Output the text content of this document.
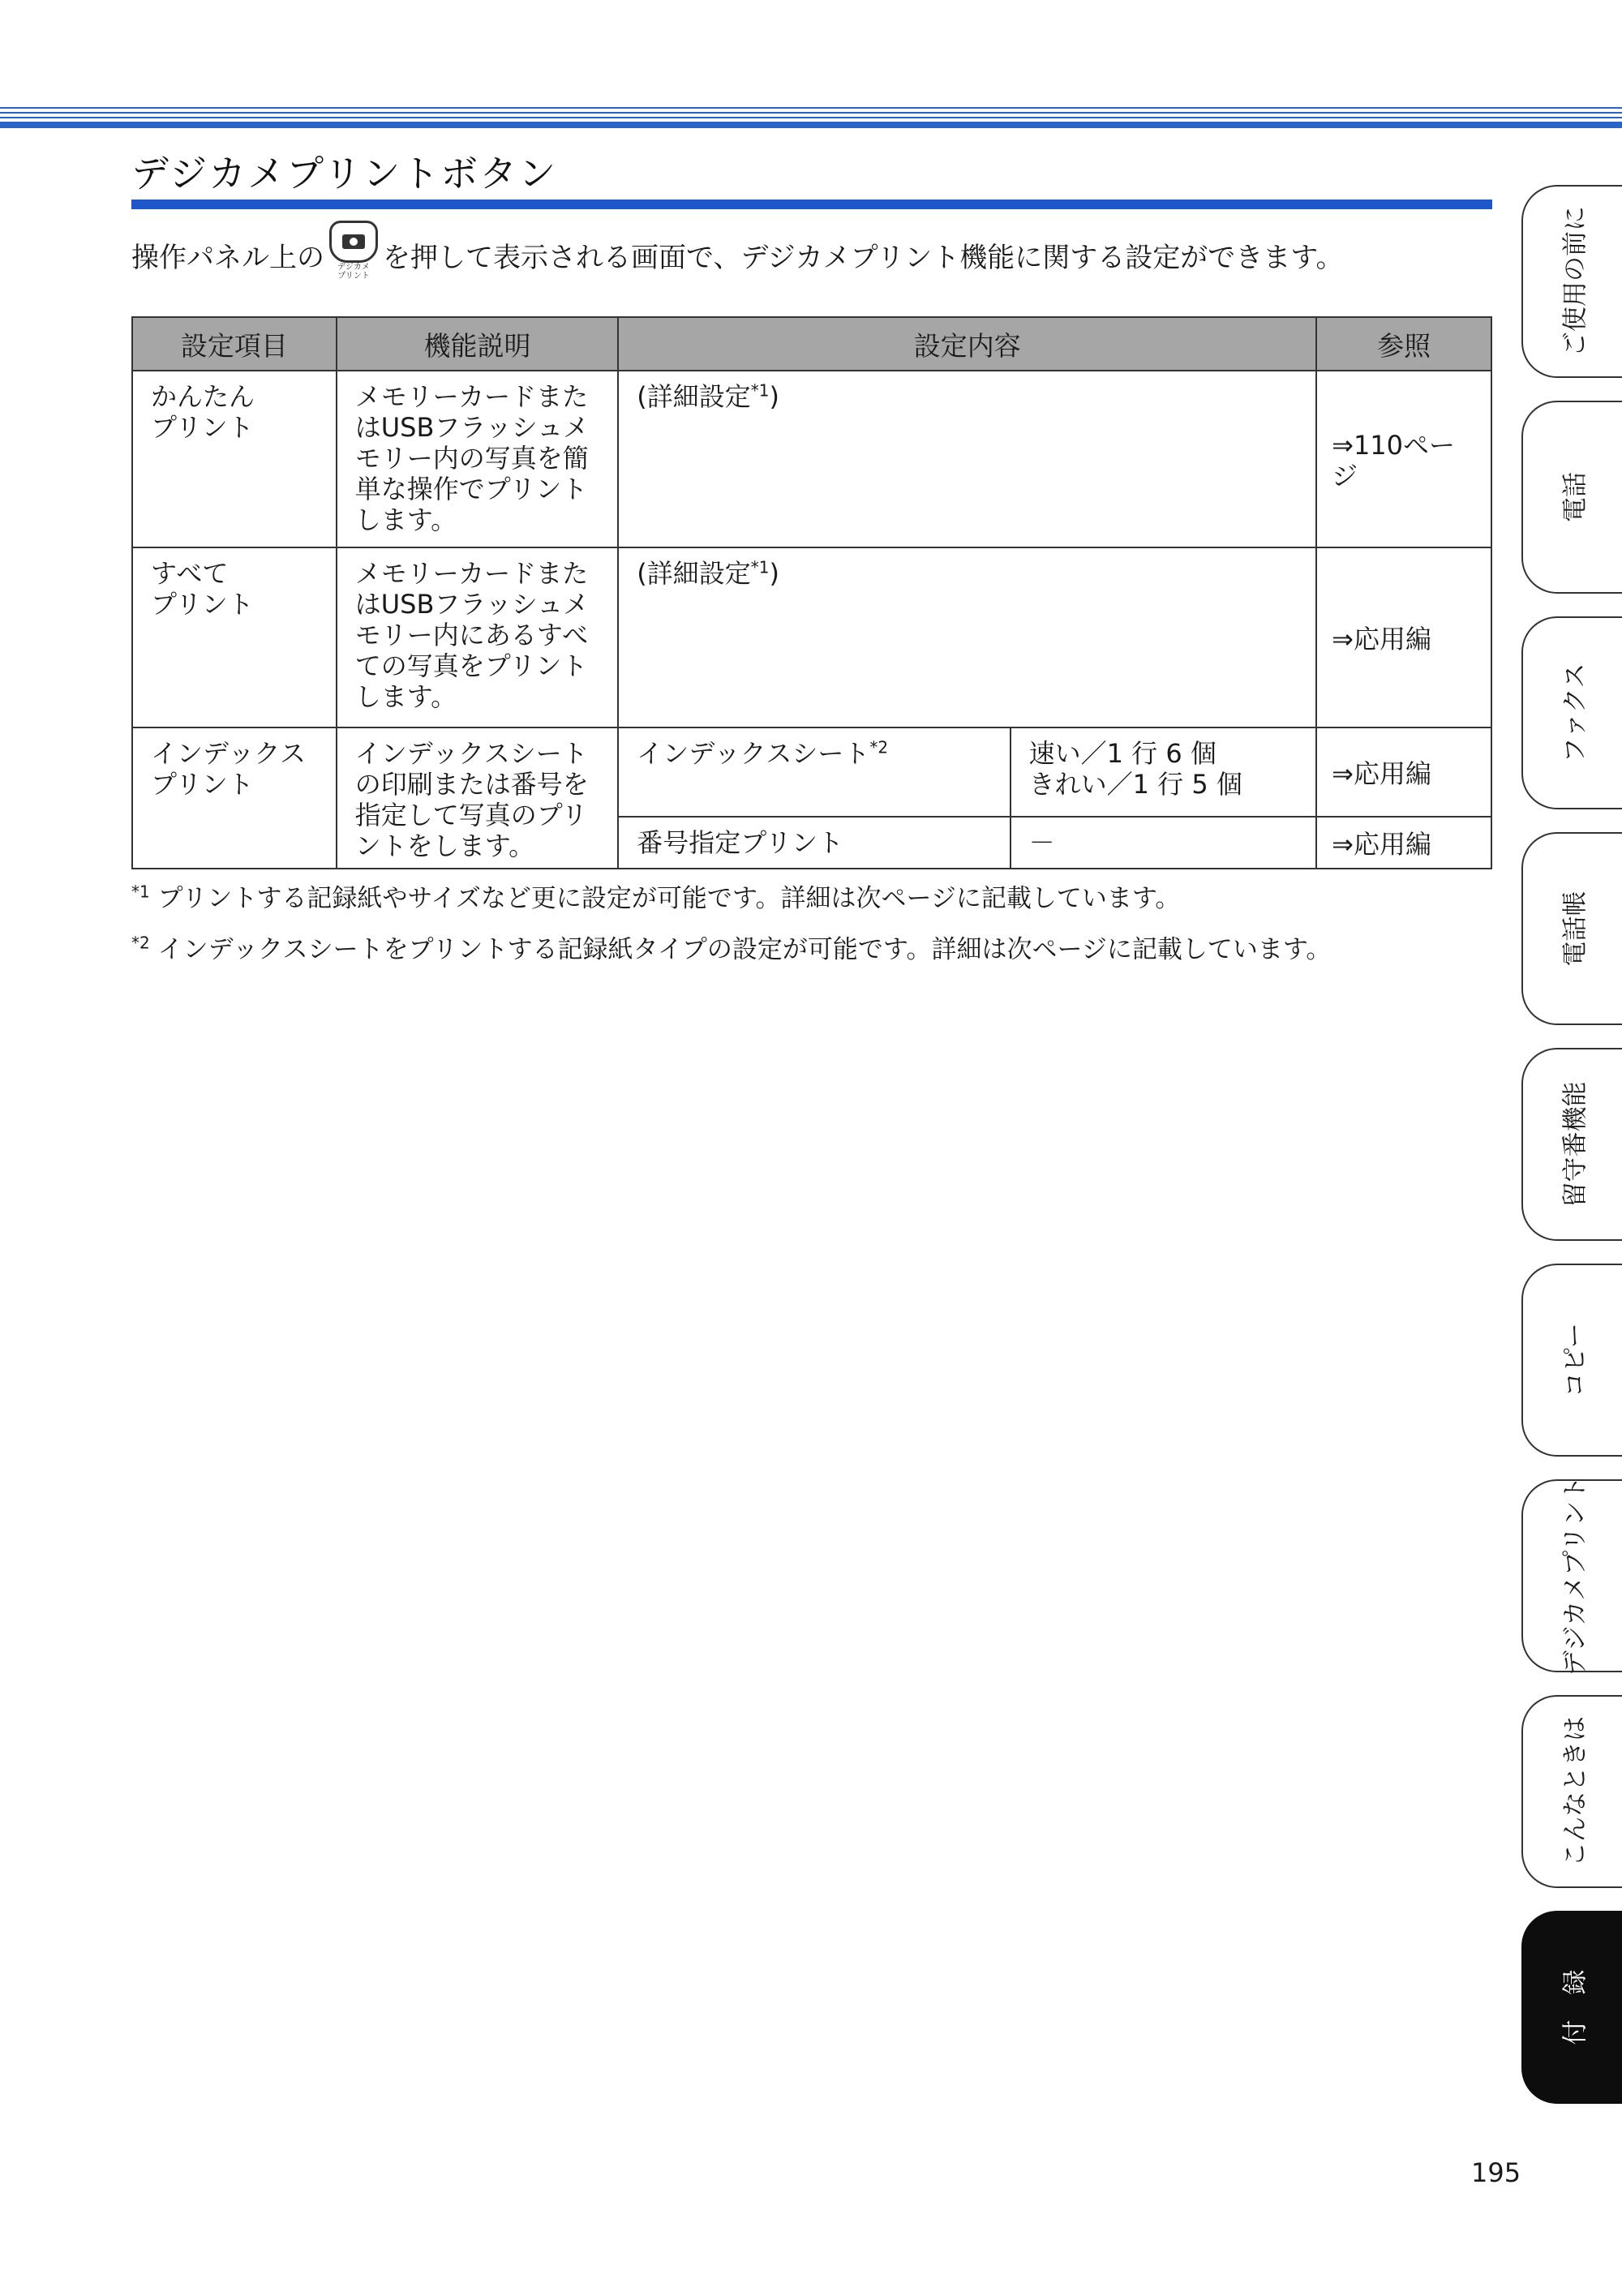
デジカメプリントボタン
操作パネル上の	デジカメ
プリント
を押して表示される画面で、デジカメプリント機能に関する設定ができます。
設定項目	機能説明	設定内容		参照
かんたん
プリント	メモリーカードまたはUSBフラッシュメモリー内の写真を簡単な操作でプリントします。	(詳細設定$^{*1}$)		⇒110ページ
すべて
プリント	メモリーカードまたはUSBフラッシュメモリー内にあるすべての写真をプリントします。	(詳細設定$^{*1}$)		⇒応用編
インデックス
プリント	インデックスシートの印刷または番号を指定して写真のプリントをします。	インデックスシート$^{*2}$	速い／1 行 6 個
きれい／1 行 5 個	⇒応用編
		番号指定プリント	－	⇒応用編
$^{*1}$ プリントする記録紙やサイズなど更に設定が可能です。詳細は次ページに記載しています。
$^{*2}$ インデックスシートをプリントする記録紙タイプの設定が可能です。詳細は次ページに記載しています。
ご使用の前に
電話
ファクス
電話帳
留守番機能
コピー
デジカメプリント
こんなときは
付　録
195
